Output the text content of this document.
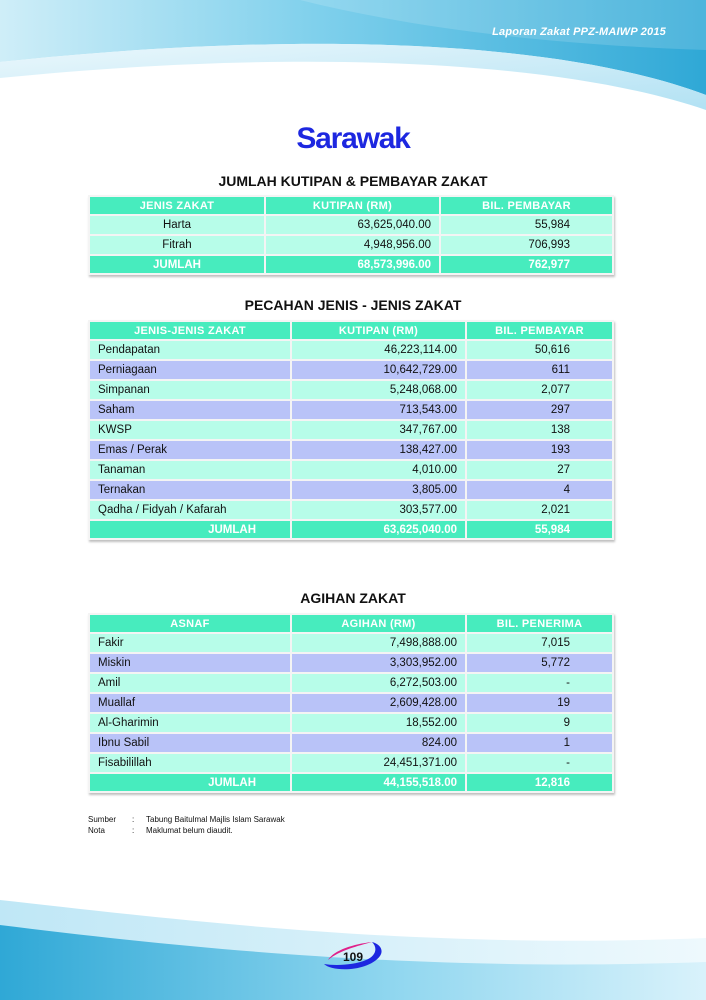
Laporan Zakat PPZ-MAIWP 2015
Sarawak
JUMLAH KUTIPAN & PEMBAYAR ZAKAT
JENIS ZAKAT	KUTIPAN (RM)	BIL. PEMBAYAR
Harta	63,625,040.00	55,984
Fitrah	4,948,956.00	706,993
JUMLAH	68,573,996.00	762,977
PECAHAN JENIS - JENIS ZAKAT
JENIS-JENIS ZAKAT	KUTIPAN (RM)	BIL. PEMBAYAR
Pendapatan	46,223,114.00	50,616
Perniagaan	10,642,729.00	611
Simpanan	5,248,068.00	2,077
Saham	713,543.00	297
KWSP	347,767.00	138
Emas / Perak	138,427.00	193
Tanaman	4,010.00	27
Ternakan	3,805.00	4
Qadha / Fidyah / Kafarah	303,577.00	2,021
JUMLAH	63,625,040.00	55,984
AGIHAN ZAKAT
ASNAF	AGIHAN (RM)	BIL. PENERIMA
Fakir	7,498,888.00	7,015
Miskin	3,303,952.00	5,772
Amil	6,272,503.00	-
Muallaf	2,609,428.00	19
Al-Gharimin	18,552.00	9
Ibnu Sabil	824.00	1
Fisabilillah	24,451,371.00	-
JUMLAH	44,155,518.00	12,816
Sumber	:	Tabung Baitulmal Majlis Islam Sarawak
Nota	:	Maklumat belum diaudit.
109
